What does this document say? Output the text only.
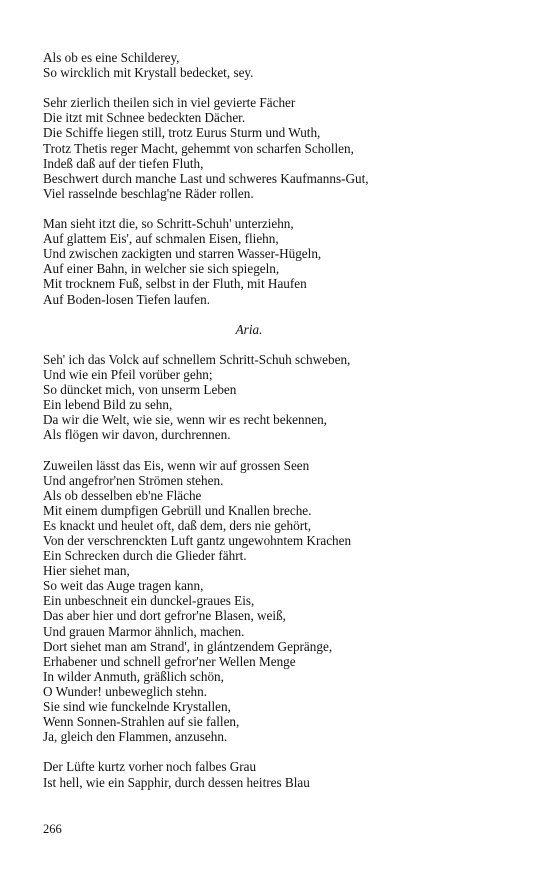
Als ob es eine Schilderey,
So wircklich mit Krystall bedecket, sey.
Sehr zierlich theilen sich in viel gevierte Fächer
Die itzt mit Schnee bedeckten Dächer.
Die Schiffe liegen still, trotz Eurus Sturm und Wuth,
Trotz Thetis reger Macht, gehemmt von scharfen Schollen,
Indeß daß auf der tiefen Fluth,
Beschwert durch manche Last und schweres Kaufmanns-Gut,
Viel rasselnde beschlag'ne Räder rollen.
Man sieht itzt die, so Schritt-Schuh' unterziehn,
Auf glattem Eis', auf schmalen Eisen, fliehn,
Und zwischen zackigten und starren Wasser-Hügeln,
Auf einer Bahn, in welcher sie sich spiegeln,
Mit trocknem Fuß, selbst in der Fluth, mit Haufen
Auf Boden-losen Tiefen laufen.
Aria.
Seh' ich das Volck auf schnellem Schritt-Schuh schweben,
Und wie ein Pfeil vorüber gehn;
So düncket mich, von unserm Leben
Ein lebend Bild zu sehn,
Da wir die Welt, wie sie, wenn wir es recht bekennen,
Als flögen wir davon, durchrennen.
Zuweilen lässt das Eis, wenn wir auf grossen Seen
Und angefror'nen Strömen stehen.
Als ob desselben eb'ne Fläche
Mit einem dumpfigen Gebrüll und Knallen breche.
Es knackt und heulet oft, daß dem, ders nie gehört,
Von der verschrenckten Luft gantz ungewohntem Krachen
Ein Schrecken durch die Glieder fährt.
Hier siehet man,
So weit das Auge tragen kann,
Ein unbeschneit ein dunckel-graues Eis,
Das aber hier und dort gefror'ne Blasen, weiß,
Und grauen Marmor ähnlich, machen.
Dort siehet man am Strand', in glántzendem Gepränge,
Erhabener und schnell gefror'ner Wellen Menge
In wilder Anmuth, gräßlich schön,
O Wunder! unbeweglich stehn.
Sie sind wie funckelnde Krystallen,
Wenn Sonnen-Strahlen auf sie fallen,
Ja, gleich den Flammen, anzusehn.
Der Lüfte kurtz vorher noch falbes Grau
Ist hell, wie ein Sapphir, durch dessen heitres Blau
266
